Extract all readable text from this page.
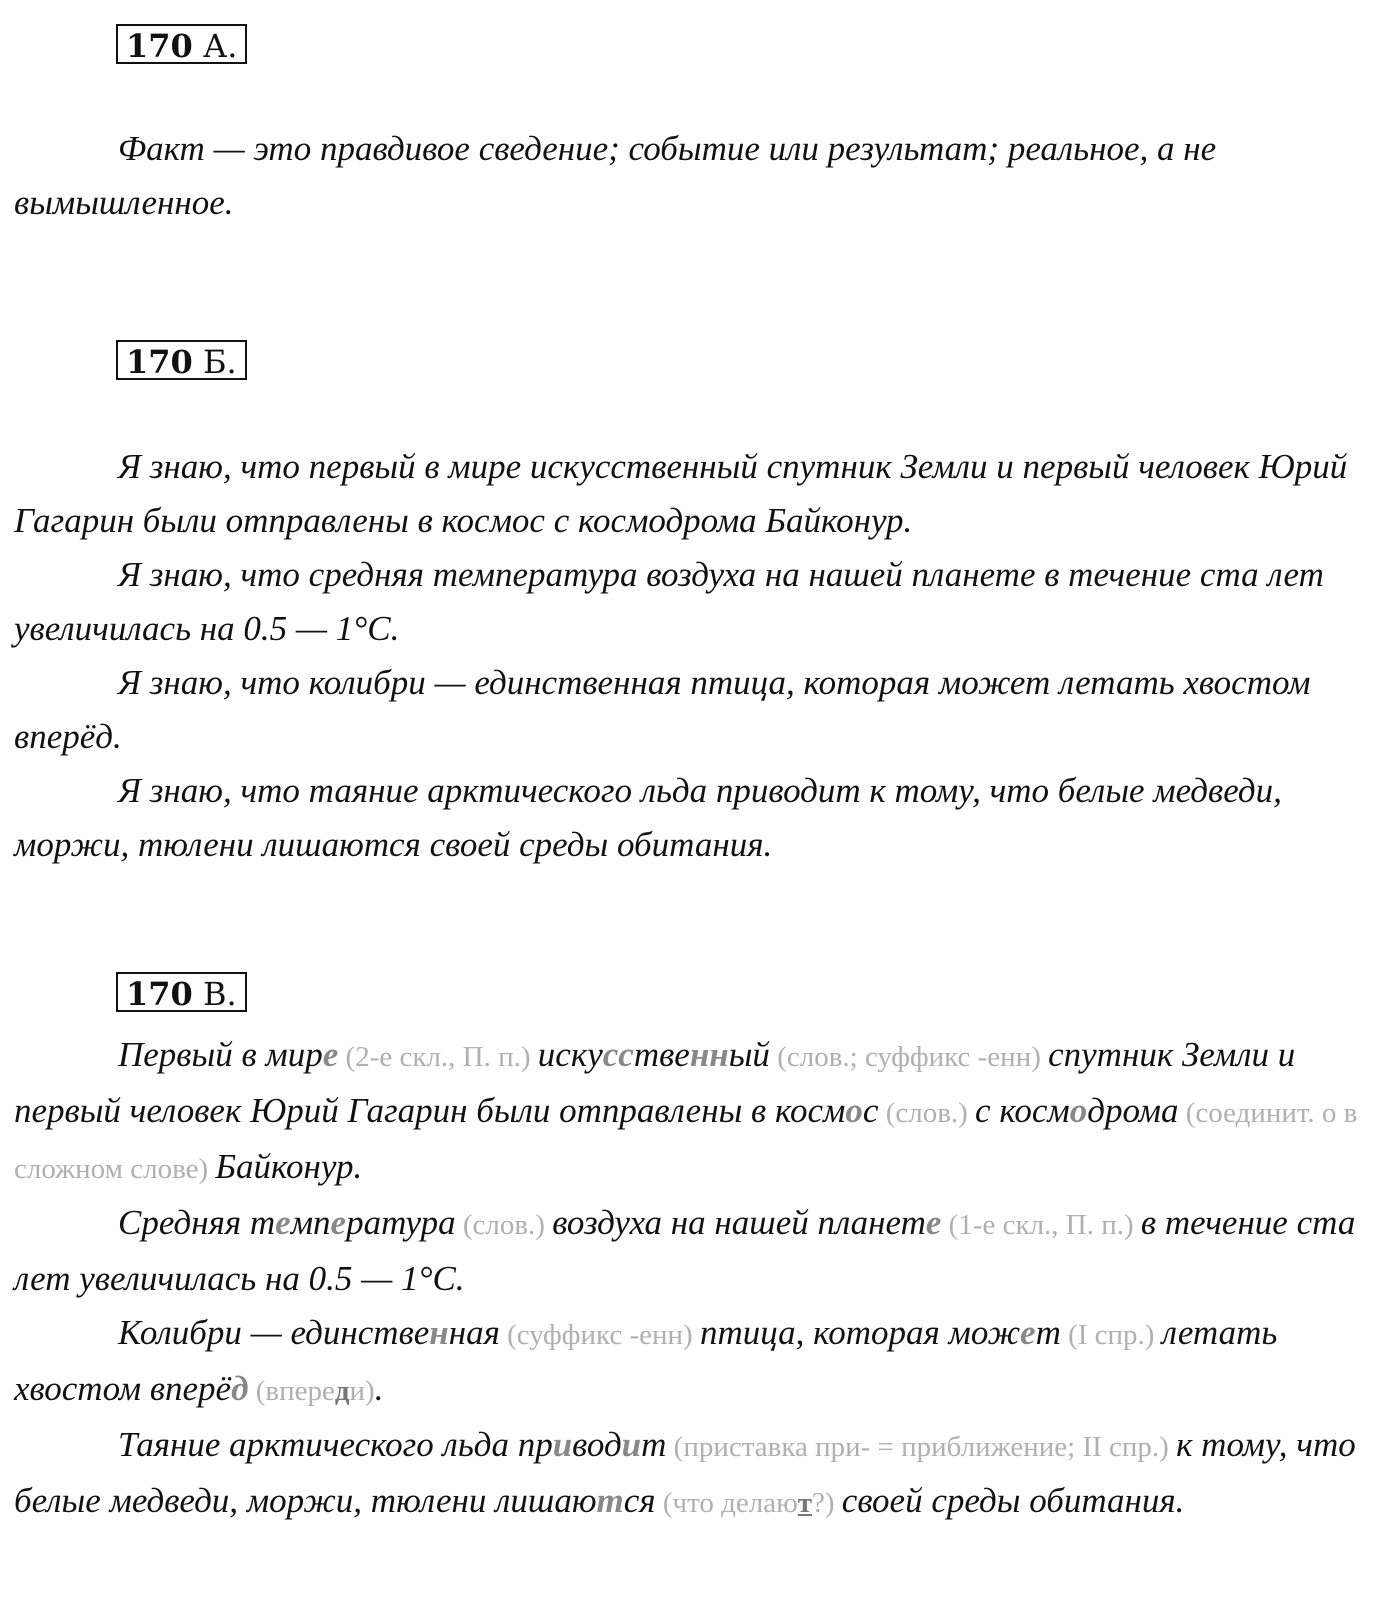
170 А.

Факт — это правдивое сведение; событие или результат; реальное, а не вымышленное.

170 Б.

Я знаю, что первый в мире искусственный спутник Земли и первый человек Юрий Гагарин были отправлены в космос с космодрома Байконур.

Я знаю, что средняя температура воздуха на нашей планете в течение ста лет увеличилась на 0.5 — 1°С.

Я знаю, что колибри — единственная птица, которая может летать хвостом вперёд.

Я знаю, что таяние арктического льда приводит к тому, что белые медведи, моржи, тюлени лишаются своей среды обитания.

170 В.

Первый в мире (2-е скл., П. п.) искусственный (слов.; суффикс -енн) спутник Земли и первый человек Юрий Гагарин были отправлены в космос (слов.) с космодрома (соединит. о в сложном слове) Байконур.

Средняя температура (слов.) воздуха на нашей планете (1-е скл., П. п.) в течение ста лет увеличилась на 0.5 — 1°С.

Колибри — единственная (суффикс -енн) птица, которая может (I спр.) летать хвостом вперёд (впереди).

Таяние арктического льда приводит (приставка при- = приближение; II спр.) к тому, что белые медведи, моржи, тюлени лишаются (что делают?) своей среды обитания.
